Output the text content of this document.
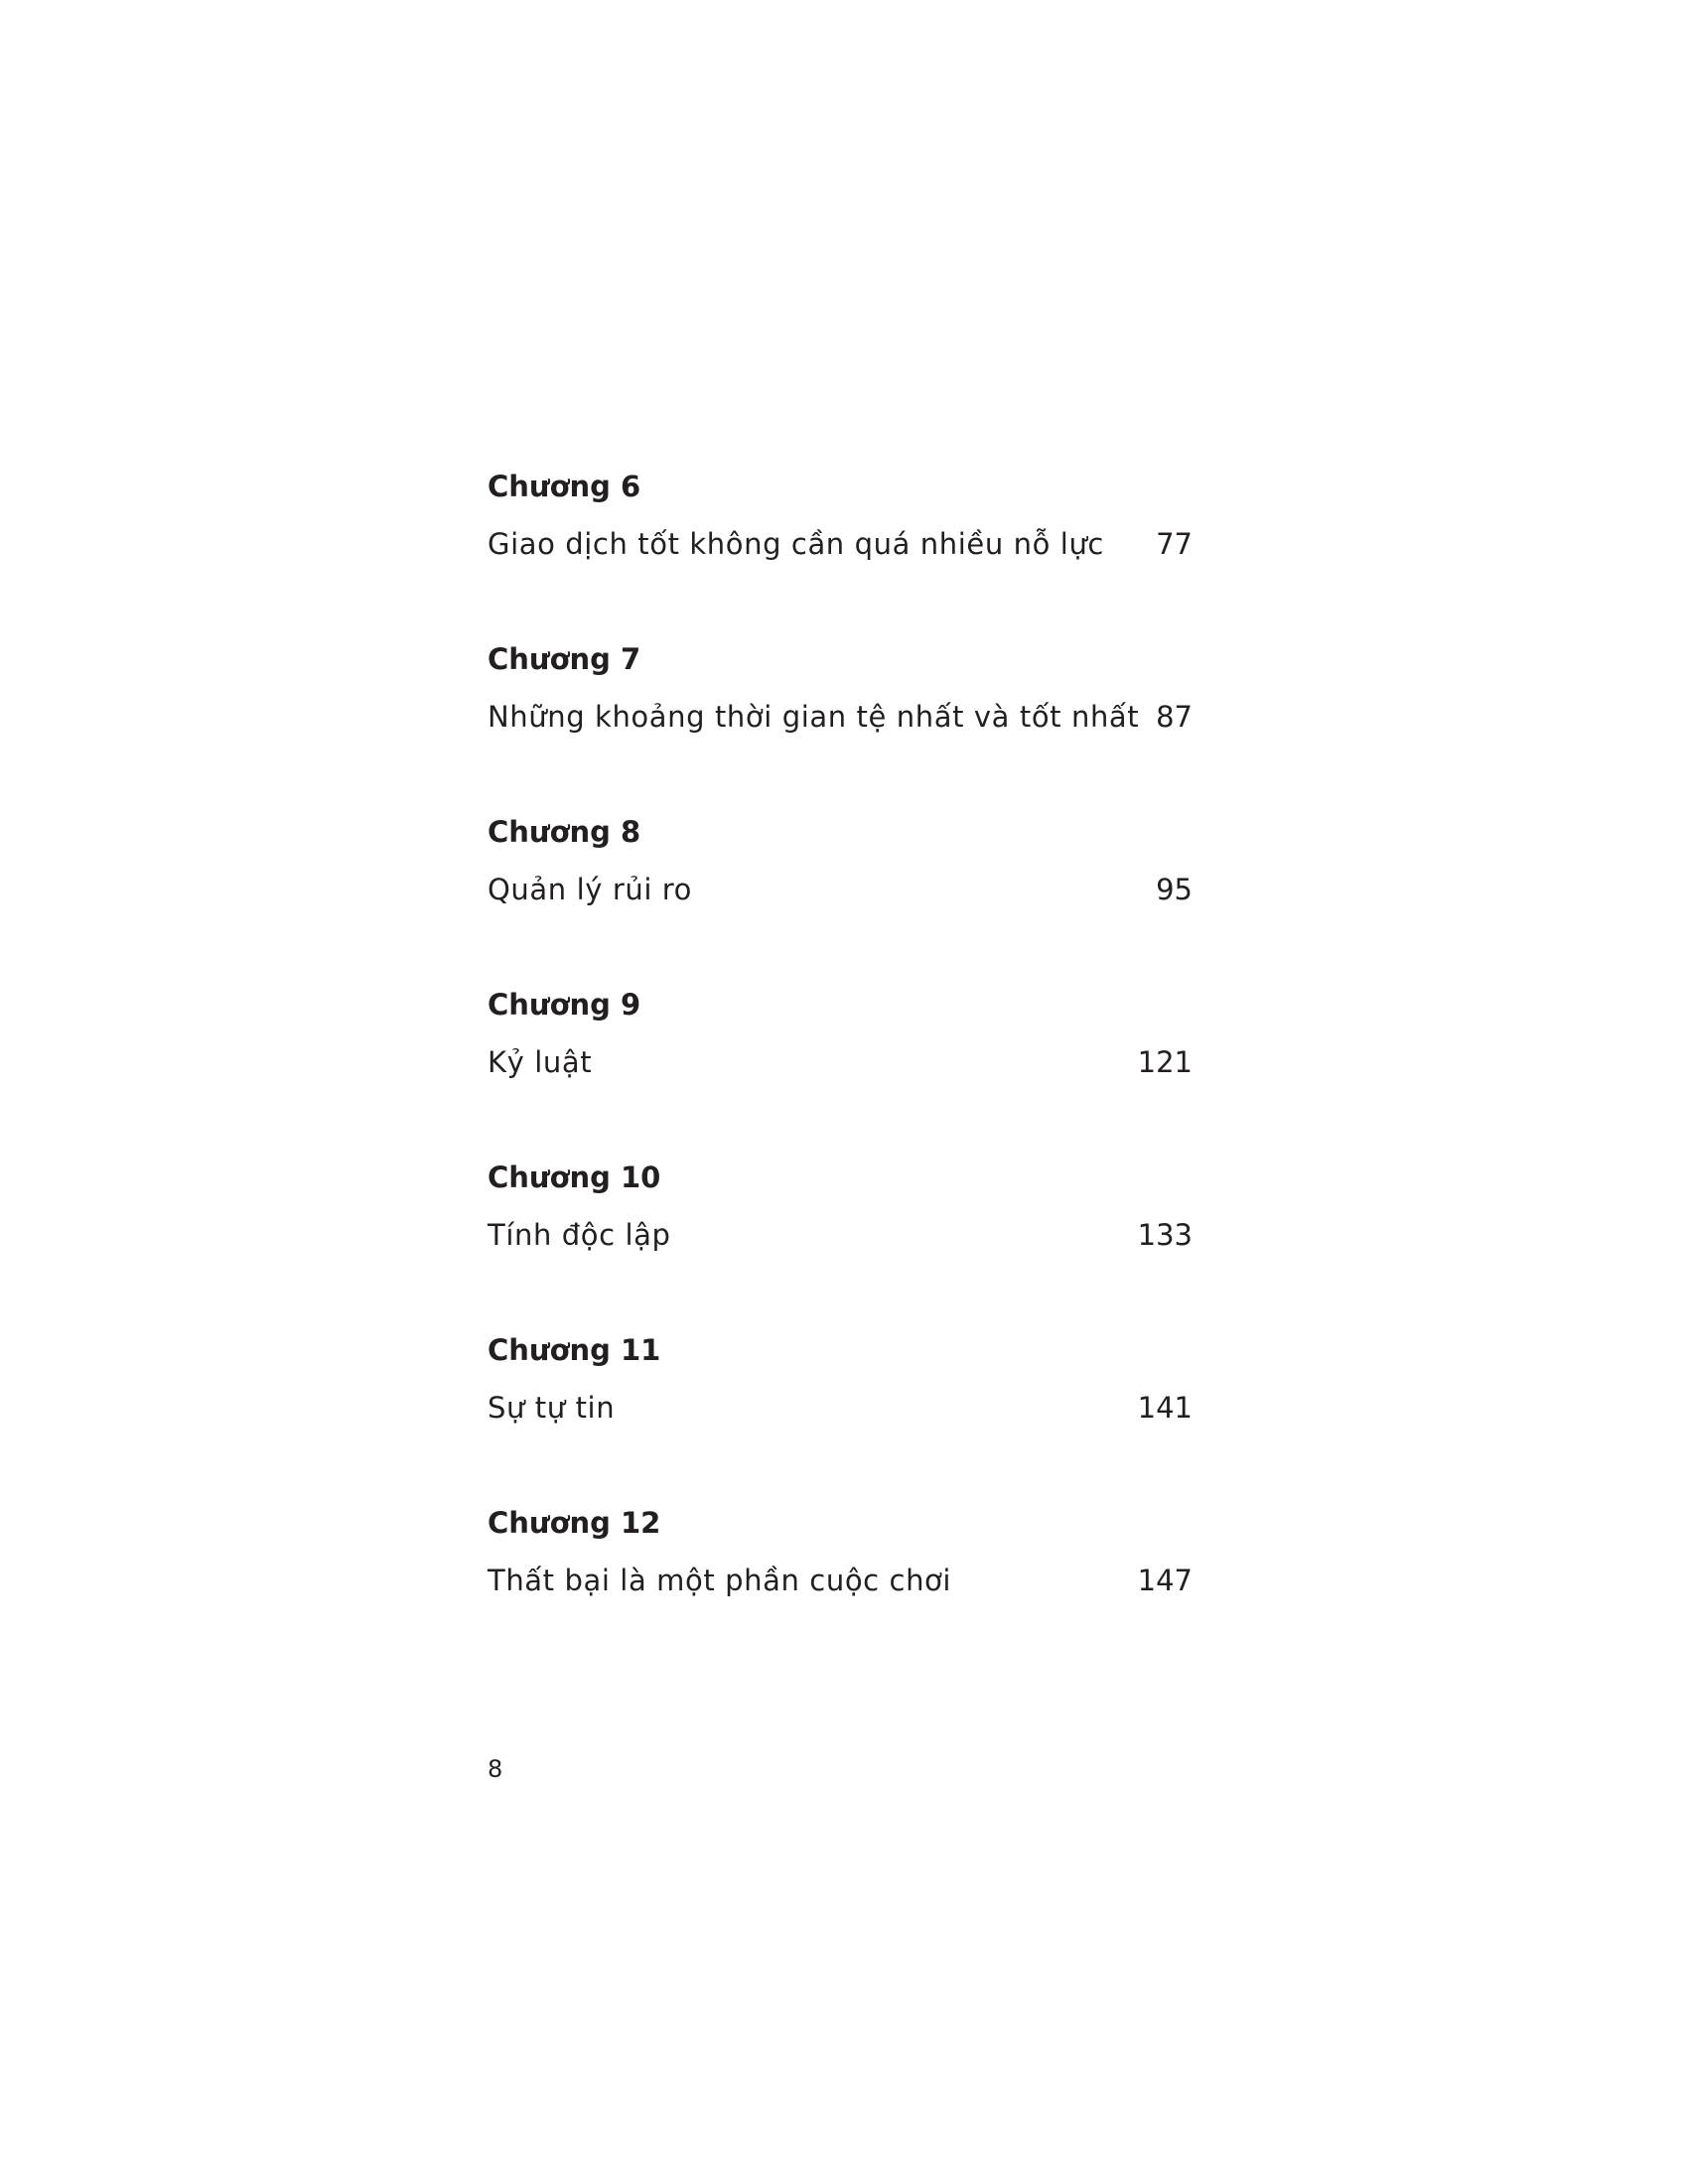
Chương 6
Giao dịch tốt không cần quá nhiều nỗ lực 77
Chương 7
Những khoảng thời gian tệ nhất và tốt nhất 87
Chương 8
Quản lý rủi ro	95
Chương 9
Kỷ luật	121
Chương 10
Tính độc lập	133
Chương 11
Sự tự tin	141
Chương 12
Thất bại là một phần cuộc chơi	147
8
